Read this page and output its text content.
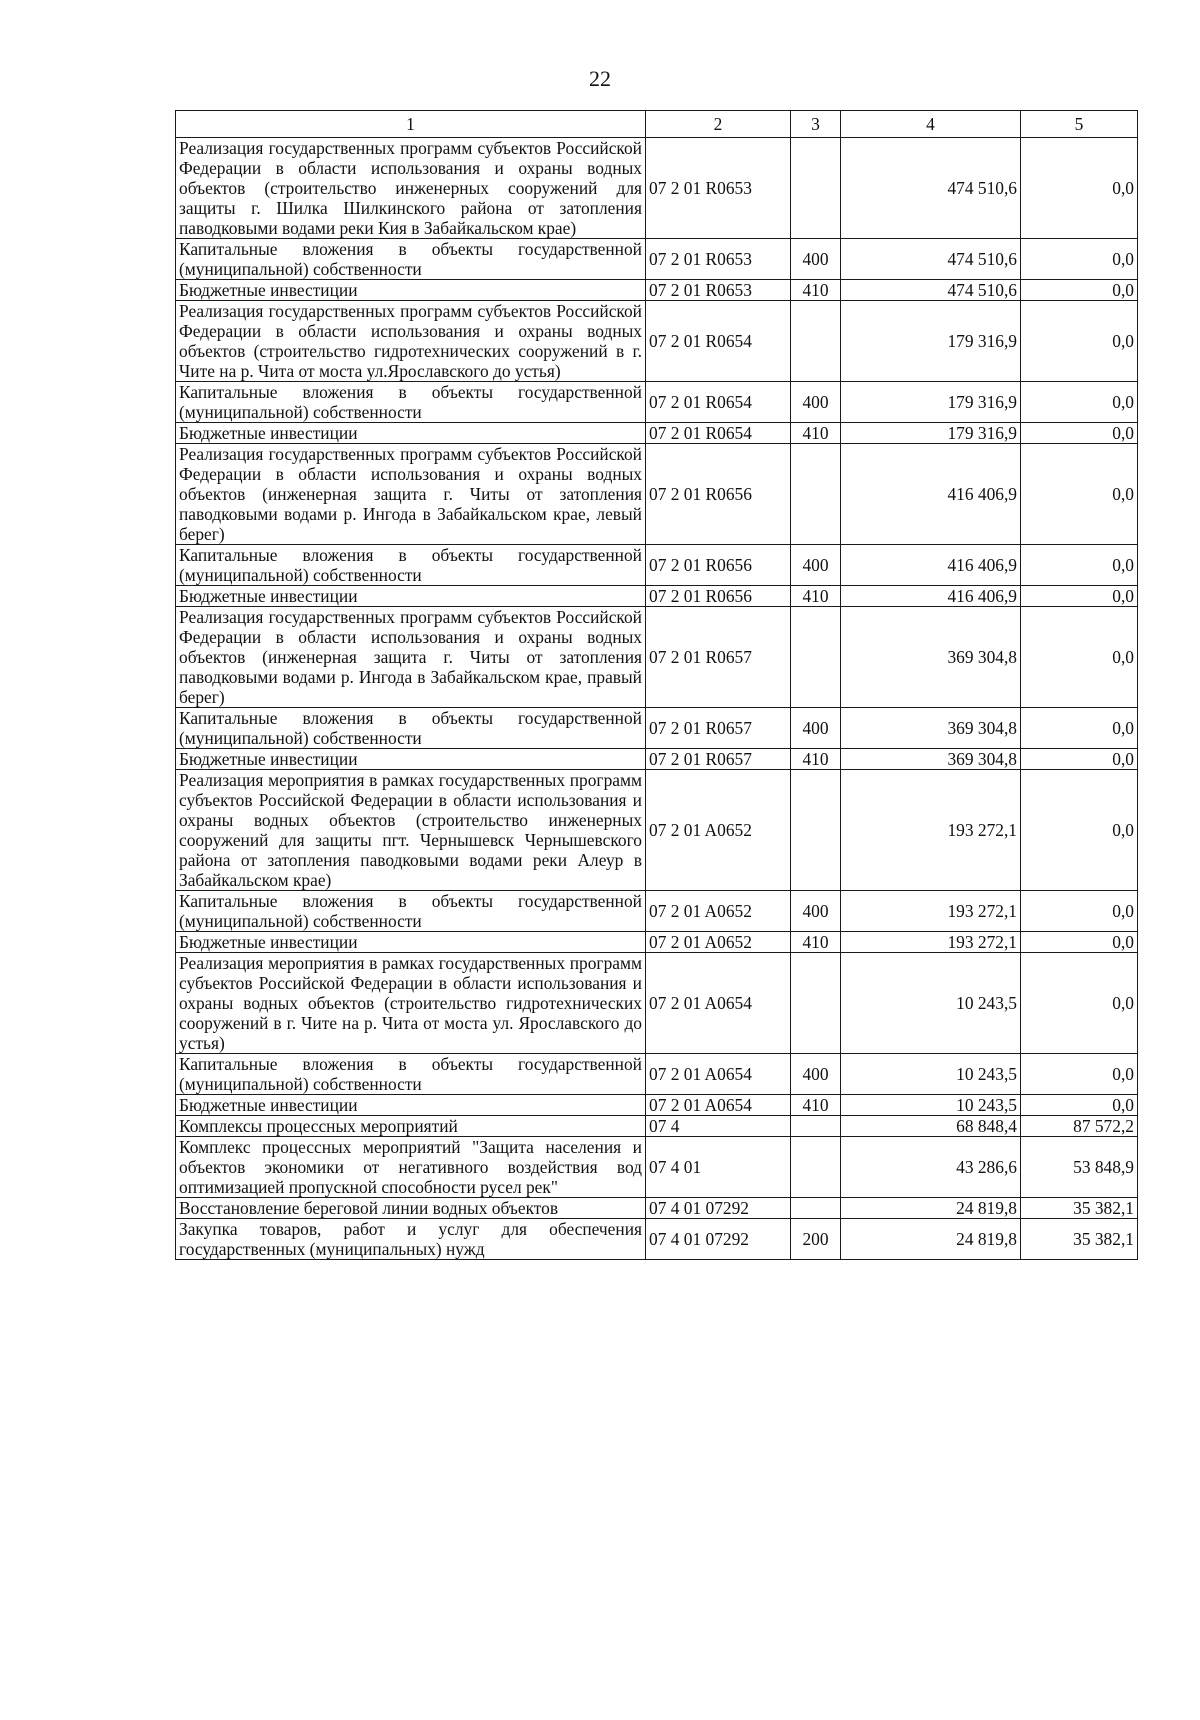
22
1	2	3	4	5
Реализация государственных программ субъектов Российской Федерации в области использования и охраны водных объектов (строительство инженерных сооружений для защиты г. Шилка Шилкинского района от затопления паводковыми водами реки Кия в Забайкальском крае)	07 2 01 R0653		474 510,6	0,0
Капитальные вложения в объекты государственной (муниципальной) собственности	07 2 01 R0653	400	474 510,6	0,0
Бюджетные инвестиции	07 2 01 R0653	410	474 510,6	0,0
Реализация государственных программ субъектов Российской Федерации в области использования и охраны водных объектов (строительство гидротехнических сооружений в г. Чите на р. Чита от моста ул.Ярославского до устья)	07 2 01 R0654		179 316,9	0,0
Капитальные вложения в объекты государственной (муниципальной) собственности	07 2 01 R0654	400	179 316,9	0,0
Бюджетные инвестиции	07 2 01 R0654	410	179 316,9	0,0
Реализация государственных программ субъектов Российской Федерации в области использования и охраны водных объектов (инженерная защита г. Читы от затопления паводковыми водами р. Ингода в Забайкальском крае, левый берег)	07 2 01 R0656		416 406,9	0,0
Капитальные вложения в объекты государственной (муниципальной) собственности	07 2 01 R0656	400	416 406,9	0,0
Бюджетные инвестиции	07 2 01 R0656	410	416 406,9	0,0
Реализация государственных программ субъектов Российской Федерации в области использования и охраны водных объектов (инженерная защита г. Читы от затопления паводковыми водами р. Ингода в Забайкальском крае, правый берег)	07 2 01 R0657		369 304,8	0,0
Капитальные вложения в объекты государственной (муниципальной) собственности	07 2 01 R0657	400	369 304,8	0,0
Бюджетные инвестиции	07 2 01 R0657	410	369 304,8	0,0
Реализация мероприятия в рамках государственных программ субъектов Российской Федерации в области использования и охраны водных объектов (строительство инженерных сооружений для защиты пгт. Чернышевск Чернышевского района от затопления паводковыми водами реки Алеур в Забайкальском крае)	07 2 01 A0652		193 272,1	0,0
Капитальные вложения в объекты государственной (муниципальной) собственности	07 2 01 A0652	400	193 272,1	0,0
Бюджетные инвестиции	07 2 01 A0652	410	193 272,1	0,0
Реализация мероприятия в рамках государственных программ субъектов Российской Федерации в области использования и охраны водных объектов (строительство гидротехнических сооружений в г. Чите на р. Чита от моста ул. Ярославского до устья)	07 2 01 A0654		10 243,5	0,0
Капитальные вложения в объекты государственной (муниципальной) собственности	07 2 01 A0654	400	10 243,5	0,0
Бюджетные инвестиции	07 2 01 A0654	410	10 243,5	0,0
Комплексы процессных мероприятий	07 4		68 848,4	87 572,2
Комплекс процессных мероприятий "Защита населения и объектов экономики от негативного воздействия вод оптимизацией пропускной способности русел рек"	07 4 01		43 286,6	53 848,9
Восстановление береговой линии водных объектов	07 4 01 07292		24 819,8	35 382,1
Закупка товаров, работ и услуг для обеспечения государственных (муниципальных) нужд	07 4 01 07292	200	24 819,8	35 382,1
